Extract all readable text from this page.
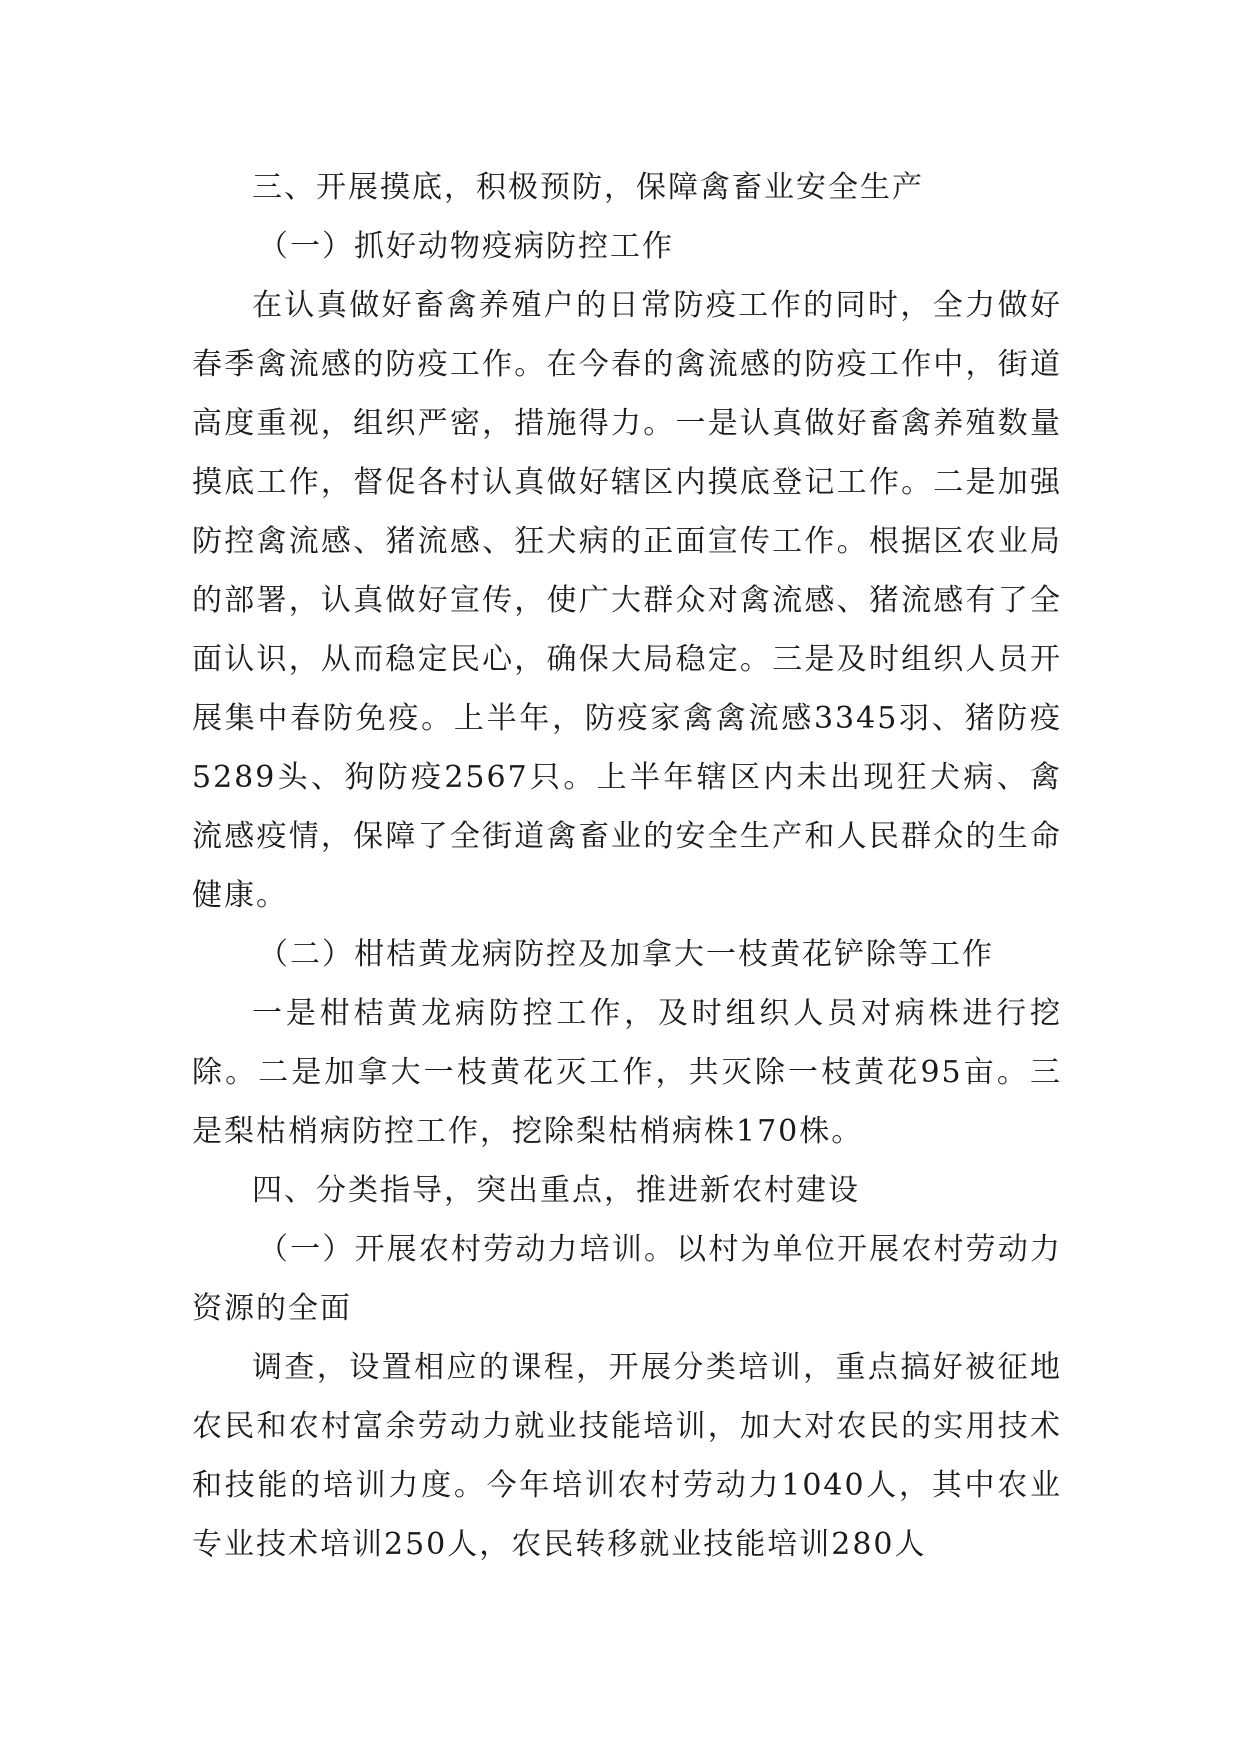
三、开展摸底，积极预防，保障禽畜业安全生产

（一）抓好动物疫病防控工作

在认真做好畜禽养殖户的日常防疫工作的同时，全力做好春季禽流感的防疫工作。在今春的禽流感的防疫工作中，街道高度重视，组织严密，措施得力。一是认真做好畜禽养殖数量摸底工作，督促各村认真做好辖区内摸底登记工作。二是加强防控禽流感、猪流感、狂犬病的正面宣传工作。根据区农业局的部署，认真做好宣传，使广大群众对禽流感、猪流感有了全面认识，从而稳定民心，确保大局稳定。三是及时组织人员开展集中春防免疫。上半年，防疫家禽禽流感3345羽、猪防疫5289头、狗防疫2567只。上半年辖区内未出现狂犬病、禽流感疫情，保障了全街道禽畜业的安全生产和人民群众的生命健康。

（二）柑桔黄龙病防控及加拿大一枝黄花铲除等工作

一是柑桔黄龙病防控工作，及时组织人员对病株进行挖除。二是加拿大一枝黄花灭工作，共灭除一枝黄花95亩。三是梨枯梢病防控工作，挖除梨枯梢病株170株。

四、分类指导，突出重点，推进新农村建设

（一）开展农村劳动力培训。以村为单位开展农村劳动力资源的全面

调查，设置相应的课程，开展分类培训，重点搞好被征地农民和农村富余劳动力就业技能培训，加大对农民的实用技术和技能的培训力度。今年培训农村劳动力1040人，其中农业专业技术培训250人，农民转移就业技能培训280人
